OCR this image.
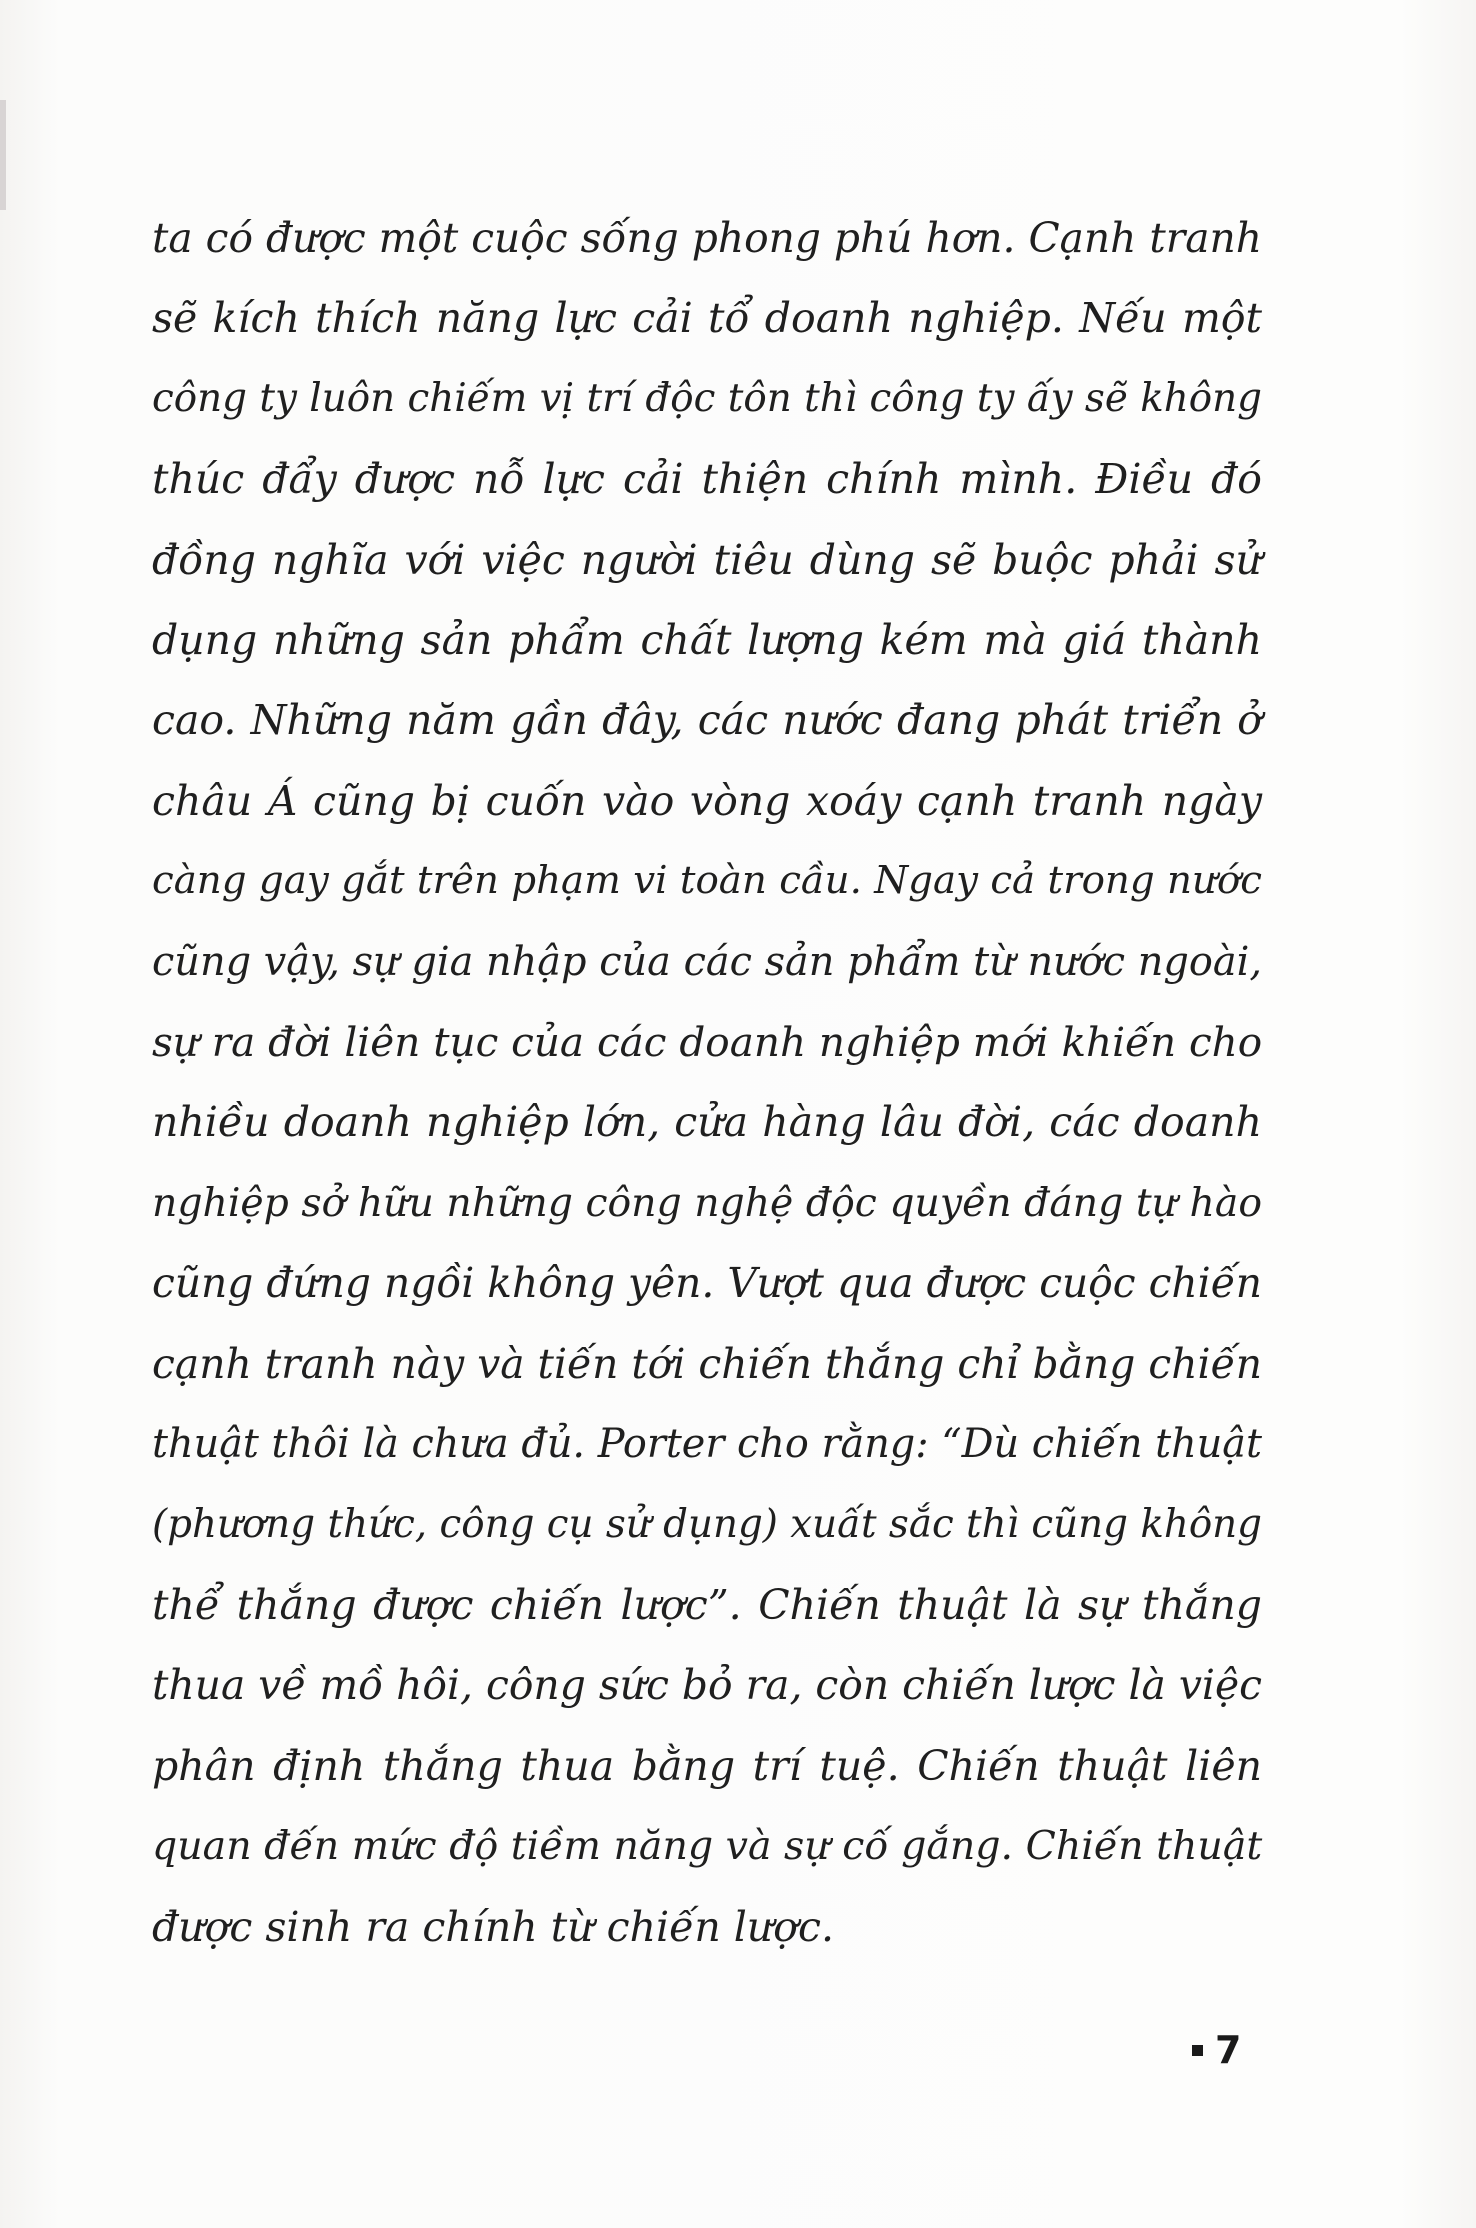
ta có được một cuộc sống phong phú hơn. Cạnh tranh
sẽ kích thích năng lực cải tổ doanh nghiệp. Nếu một
công ty luôn chiếm vị trí độc tôn thì công ty ấy sẽ không
thúc đẩy được nỗ lực cải thiện chính mình. Điều đó
đồng nghĩa với việc người tiêu dùng sẽ buộc phải sử
dụng những sản phẩm chất lượng kém mà giá thành
cao. Những năm gần đây, các nước đang phát triển ở
châu Á cũng bị cuốn vào vòng xoáy cạnh tranh ngày
càng gay gắt trên phạm vi toàn cầu. Ngay cả trong nước
cũng vậy, sự gia nhập của các sản phẩm từ nước ngoài,
sự ra đời liên tục của các doanh nghiệp mới khiến cho
nhiều doanh nghiệp lớn, cửa hàng lâu đời, các doanh
nghiệp sở hữu những công nghệ độc quyền đáng tự hào
cũng đứng ngồi không yên. Vượt qua được cuộc chiến
cạnh tranh này và tiến tới chiến thắng chỉ bằng chiến
thuật thôi là chưa đủ. Porter cho rằng: “Dù chiến thuật
(phương thức, công cụ sử dụng) xuất sắc thì cũng không
thể thắng được chiến lược”. Chiến thuật là sự thắng
thua về mồ hôi, công sức bỏ ra, còn chiến lược là việc
phân định thắng thua bằng trí tuệ. Chiến thuật liên
quan đến mức độ tiềm năng và sự cố gắng. Chiến thuật
được sinh ra chính từ chiến lược.
7
